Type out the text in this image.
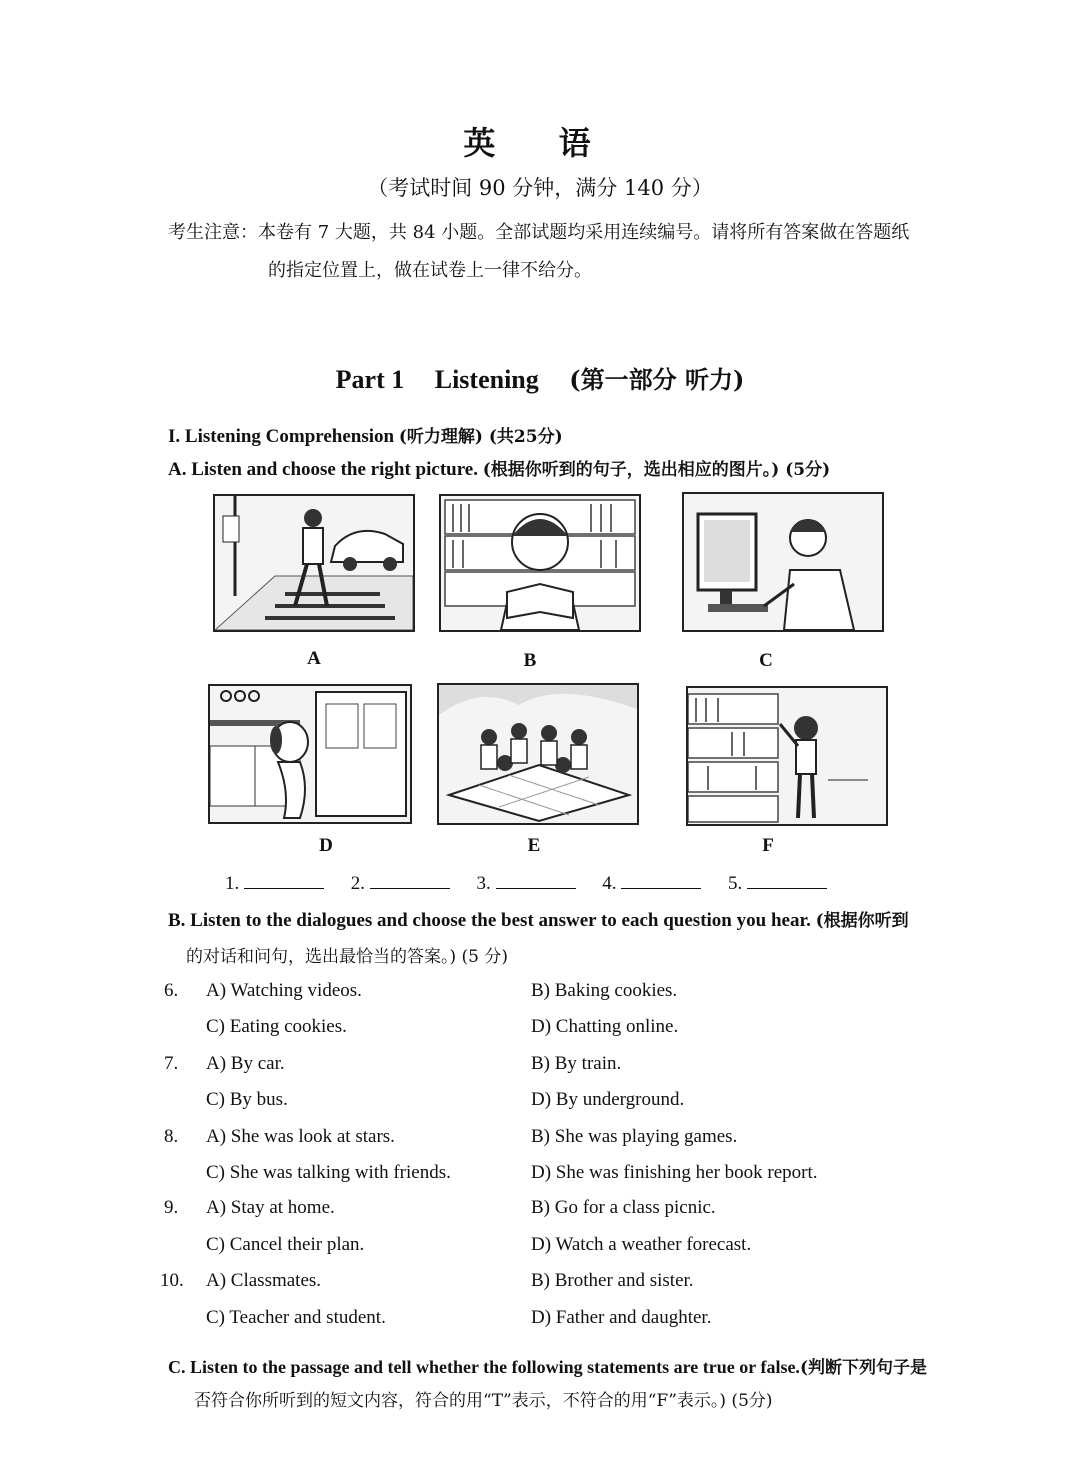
英 语
（考试时间 90 分钟，满分 140 分）
考生注意：本卷有 7 大题，共 84 小题。全部试题均采用连续编号。请将所有答案做在答题纸
的指定位置上，做在试卷上一律不给分。
Part 1 Listening (第一部分 听力)
I. Listening Comprehension (听力理解) (共25分)
A. Listen and choose the right picture. (根据你听到的句子，选出相应的图片。) (5分)
A	B	C
D	E	F
1.	2.	3.	4.	5.
B. Listen to the dialogues and choose the best answer to each question you hear. (根据你听到
的对话和问句，选出最恰当的答案。) (5 分)
6.	A) Watching videos.	B) Baking cookies.
C) Eating cookies.	D) Chatting online.
7.	A) By car.	B) By train.
C) By bus.	D) By underground.
8.	A) She was look at stars.	B) She was playing games.
C) She was talking with friends.	D) She was finishing her book report.
9.	A) Stay at home.	B) Go for a class picnic.
C) Cancel their plan.	D) Watch a weather forecast.
10.	A) Classmates.	B) Brother and sister.
C) Teacher and student.	D) Father and daughter.
C. Listen to the passage and tell whether the following statements are true or false.(判断下列句子是
否符合你所听到的短文内容，符合的用“T”表示，不符合的用“F”表示。) (5分)
